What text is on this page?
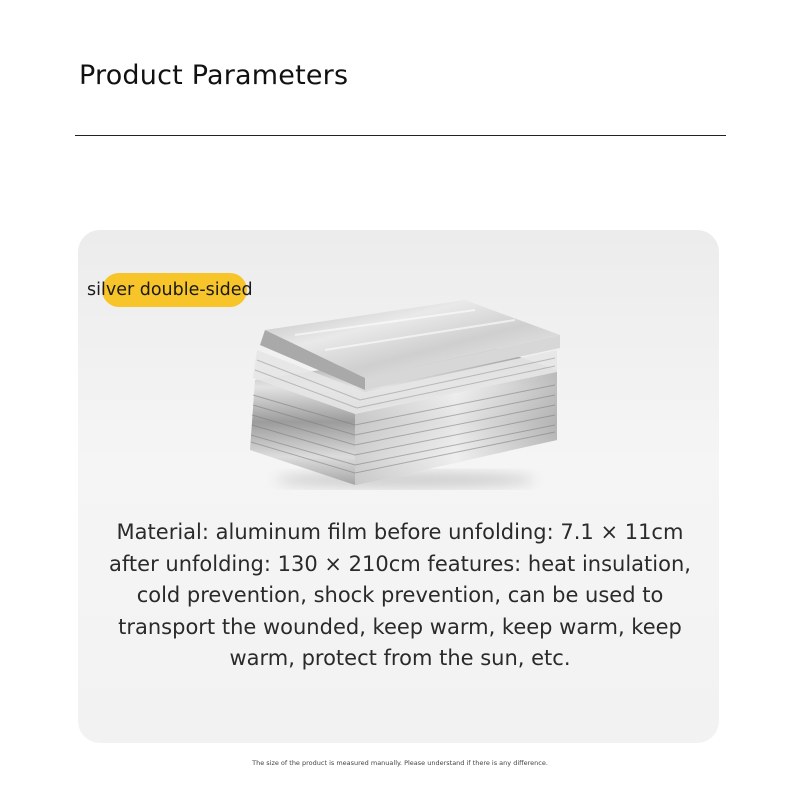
Product Parameters
silver double-sided

Material: aluminum film before unfolding: 7.1 × 11cm after unfolding: 130 × 210cm features: heat insulation, cold prevention, shock prevention, can be used to transport the wounded, keep warm, keep warm, keep warm, protect from the sun, etc.

The size of the product is measured manually. Please understand if there is any difference.
